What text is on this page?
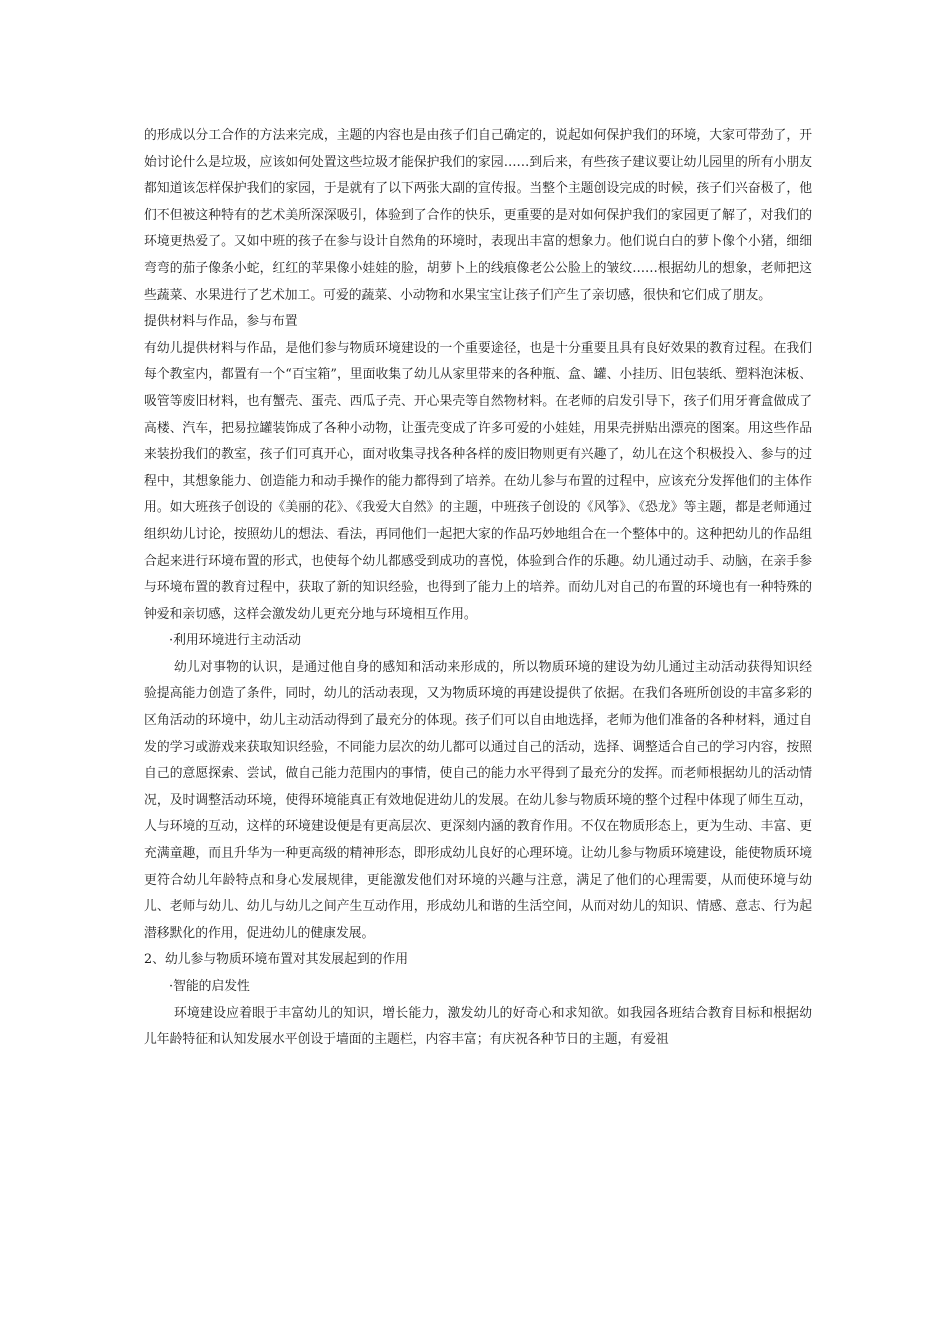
的形成以分工合作的方法来完成，主题的内容也是由孩子们自己确定的，说起如何保护我们的环境，大家可带劲了，开始讨论什么是垃圾，应该如何处置这些垃圾才能保护我们的家园……到后来，有些孩子建议要让幼儿园里的所有小朋友都知道该怎样保护我们的家园，于是就有了以下两张大副的宣传报。当整个主题创设完成的时候，孩子们兴奋极了，他们不但被这种特有的艺术美所深深吸引，体验到了合作的快乐，更重要的是对如何保护我们的家园更了解了，对我们的环境更热爱了。又如中班的孩子在参与设计自然角的环境时，表现出丰富的想象力。他们说白白的萝卜像个小猪，细细弯弯的茄子像条小蛇，红红的苹果像小娃娃的脸，胡萝卜上的线痕像老公公脸上的皱纹……根据幼儿的想象，老师把这些蔬菜、水果进行了艺术加工。可爱的蔬菜、小动物和水果宝宝让孩子们产生了亲切感，很快和它们成了朋友。

提供材料与作品，参与布置

有幼儿提供材料与作品，是他们参与物质环境建设的一个重要途径，也是十分重要且具有良好效果的教育过程。在我们每个教室内，都置有一个“百宝箱”，里面收集了幼儿从家里带来的各种瓶、盒、罐、小挂历、旧包装纸、塑料泡沫板、吸管等废旧材料，也有蟹壳、蛋壳、西瓜子壳、开心果壳等自然物材料。在老师的启发引导下，孩子们用牙膏盒做成了高楼、汽车，把易拉罐装饰成了各种小动物，让蛋壳变成了许多可爱的小娃娃，用果壳拼贴出漂亮的图案。用这些作品来装扮我们的教室，孩子们可真开心，面对收集寻找各种各样的废旧物则更有兴趣了，幼儿在这个积极投入、参与的过程中，其想象能力、创造能力和动手操作的能力都得到了培养。在幼儿参与布置的过程中，应该充分发挥他们的主体作用。如大班孩子创设的《美丽的花》、《我爱大自然》的主题，中班孩子创设的《风筝》、《恐龙》等主题，都是老师通过组织幼儿讨论，按照幼儿的想法、看法，再同他们一起把大家的作品巧妙地组合在一个整体中的。这种把幼儿的作品组合起来进行环境布置的形式，也使每个幼儿都感受到成功的喜悦，体验到合作的乐趣。幼儿通过动手、动脑，在亲手参与环境布置的教育过程中，获取了新的知识经验，也得到了能力上的培养。而幼儿对自己的布置的环境也有一种特殊的钟爱和亲切感，这样会激发幼儿更充分地与环境相互作用。

·利用环境进行主动活动

幼儿对事物的认识，是通过他自身的感知和活动来形成的，所以物质环境的建设为幼儿通过主动活动获得知识经验提高能力创造了条件，同时，幼儿的活动表现，又为物质环境的再建设提供了依据。在我们各班所创设的丰富多彩的区角活动的环境中，幼儿主动活动得到了最充分的体现。孩子们可以自由地选择，老师为他们准备的各种材料，通过自发的学习或游戏来获取知识经验，不同能力层次的幼儿都可以通过自己的活动，选择、调整适合自己的学习内容，按照自己的意愿探索、尝试，做自己能力范围内的事情，使自己的能力水平得到了最充分的发挥。而老师根据幼儿的活动情况，及时调整活动环境，使得环境能真正有效地促进幼儿的发展。在幼儿参与物质环境的整个过程中体现了师生互动，人与环境的互动，这样的环境建设便是有更高层次、更深刻内涵的教育作用。不仅在物质形态上，更为生动、丰富、更充满童趣，而且升华为一种更高级的精神形态，即形成幼儿良好的心理环境。让幼儿参与物质环境建设，能使物质环境更符合幼儿年龄特点和身心发展规律，更能激发他们对环境的兴趣与注意，满足了他们的心理需要，从而使环境与幼儿、老师与幼儿、幼儿与幼儿之间产生互动作用，形成幼儿和谐的生活空间，从而对幼儿的知识、情感、意志、行为起潜移默化的作用，促进幼儿的健康发展。

2、幼儿参与物质环境布置对其发展起到的作用

·智能的启发性

环境建设应着眼于丰富幼儿的知识，增长能力，激发幼儿的好奇心和求知欲。如我园各班结合教育目标和根据幼儿年龄特征和认知发展水平创设于墙面的主题栏，内容丰富；有庆祝各种节日的主题，有爱祖
